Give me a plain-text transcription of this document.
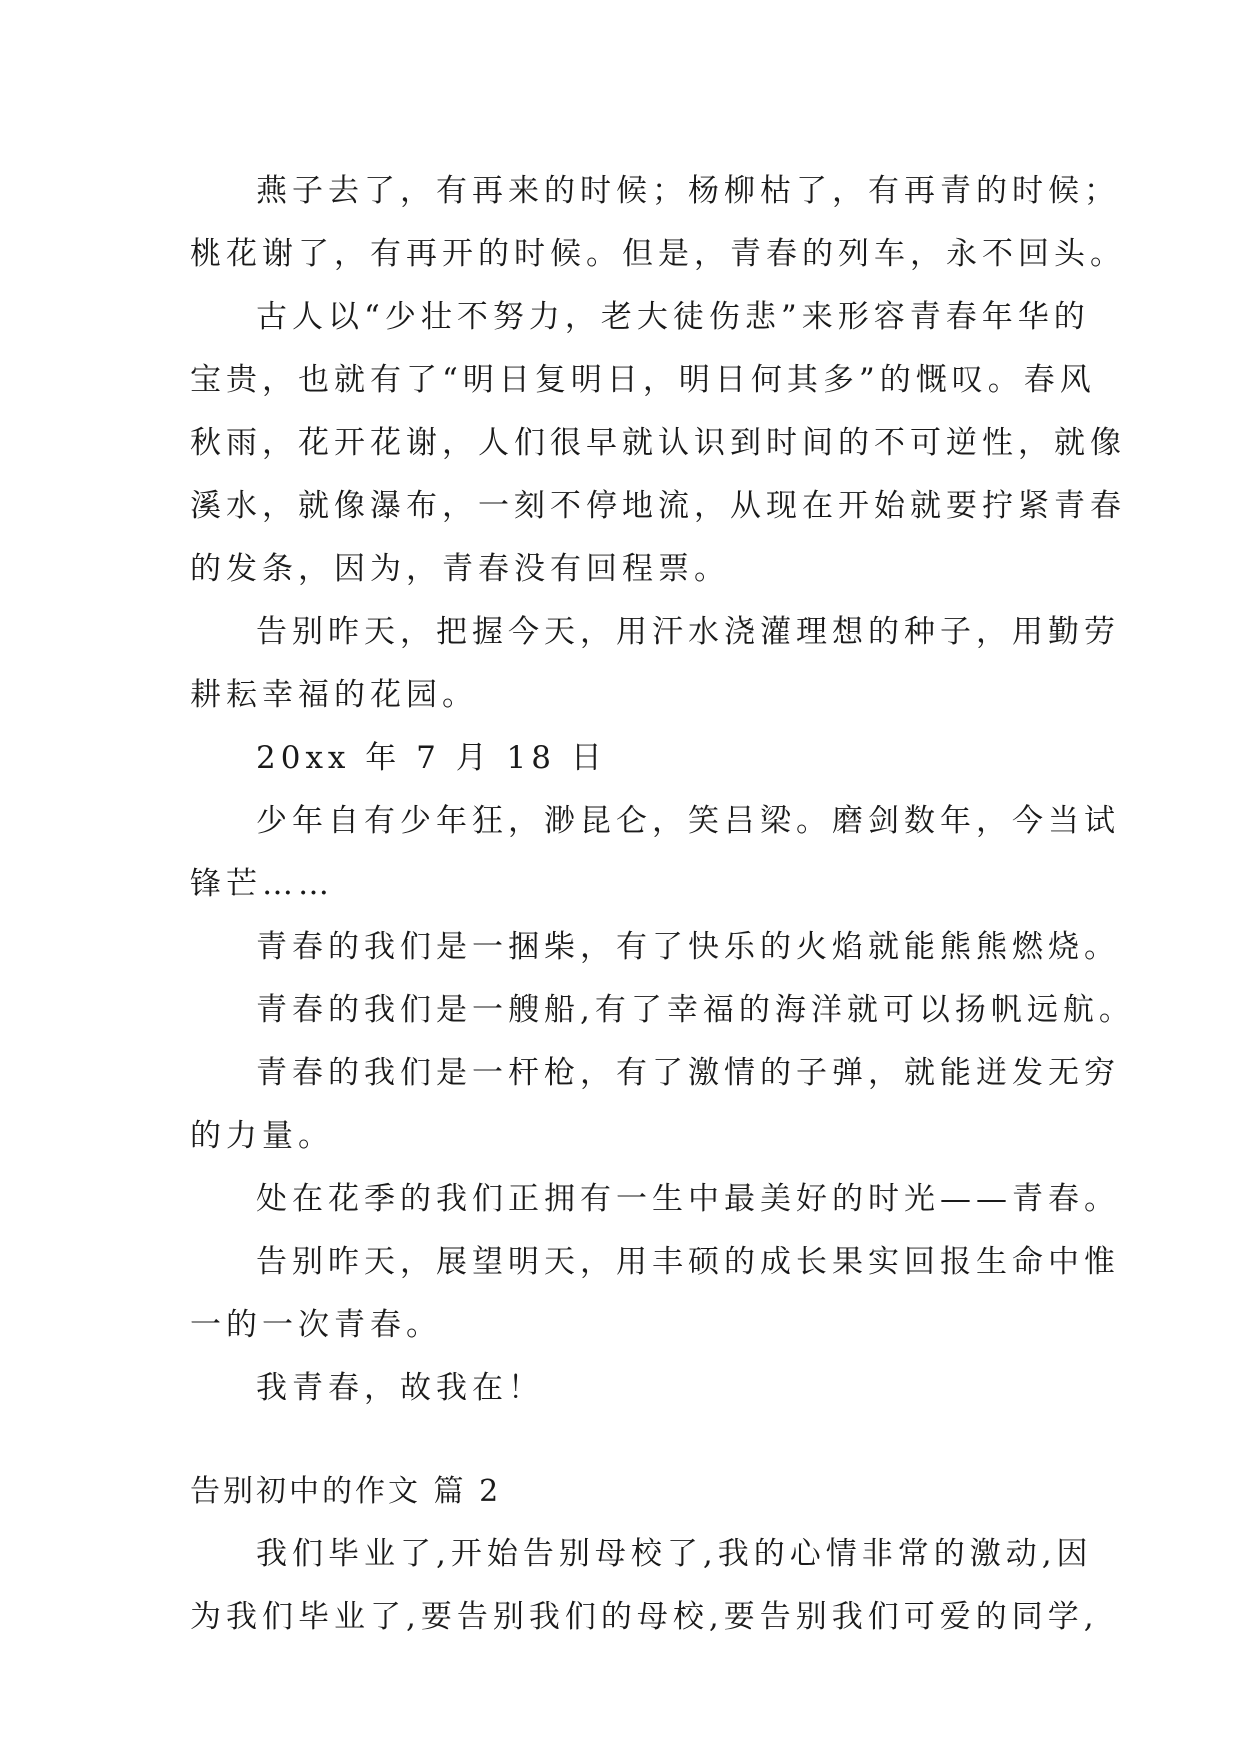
燕子去了，有再来的时候；杨柳枯了，有再青的时候；
桃花谢了，有再开的时候。但是，青春的列车，永不回头。
古人以“少壮不努力，老大徒伤悲”来形容青春年华的
宝贵，也就有了“明日复明日，明日何其多”的慨叹。春风
秋雨，花开花谢，人们很早就认识到时间的不可逆性，就像
溪水，就像瀑布，一刻不停地流，从现在开始就要拧紧青春
的发条，因为，青春没有回程票。
告别昨天，把握今天，用汗水浇灌理想的种子，用勤劳
耕耘幸福的花园。
20xx 年 7 月 18 日
少年自有少年狂，渺昆仑，笑吕梁。磨剑数年，今当试
锋芒……
青春的我们是一捆柴，有了快乐的火焰就能熊熊燃烧。
青春的我们是一艘船,有了幸福的海洋就可以扬帆远航。
青春的我们是一杆枪，有了激情的子弹，就能迸发无穷
的力量。
处在花季的我们正拥有一生中最美好的时光——青春。
告别昨天，展望明天，用丰硕的成长果实回报生命中惟
一的一次青春。
我青春，故我在！
告别初中的作文 篇 2
我们毕业了,开始告别母校了,我的心情非常的激动,因
为我们毕业了,要告别我们的母校,要告别我们可爱的同学,
